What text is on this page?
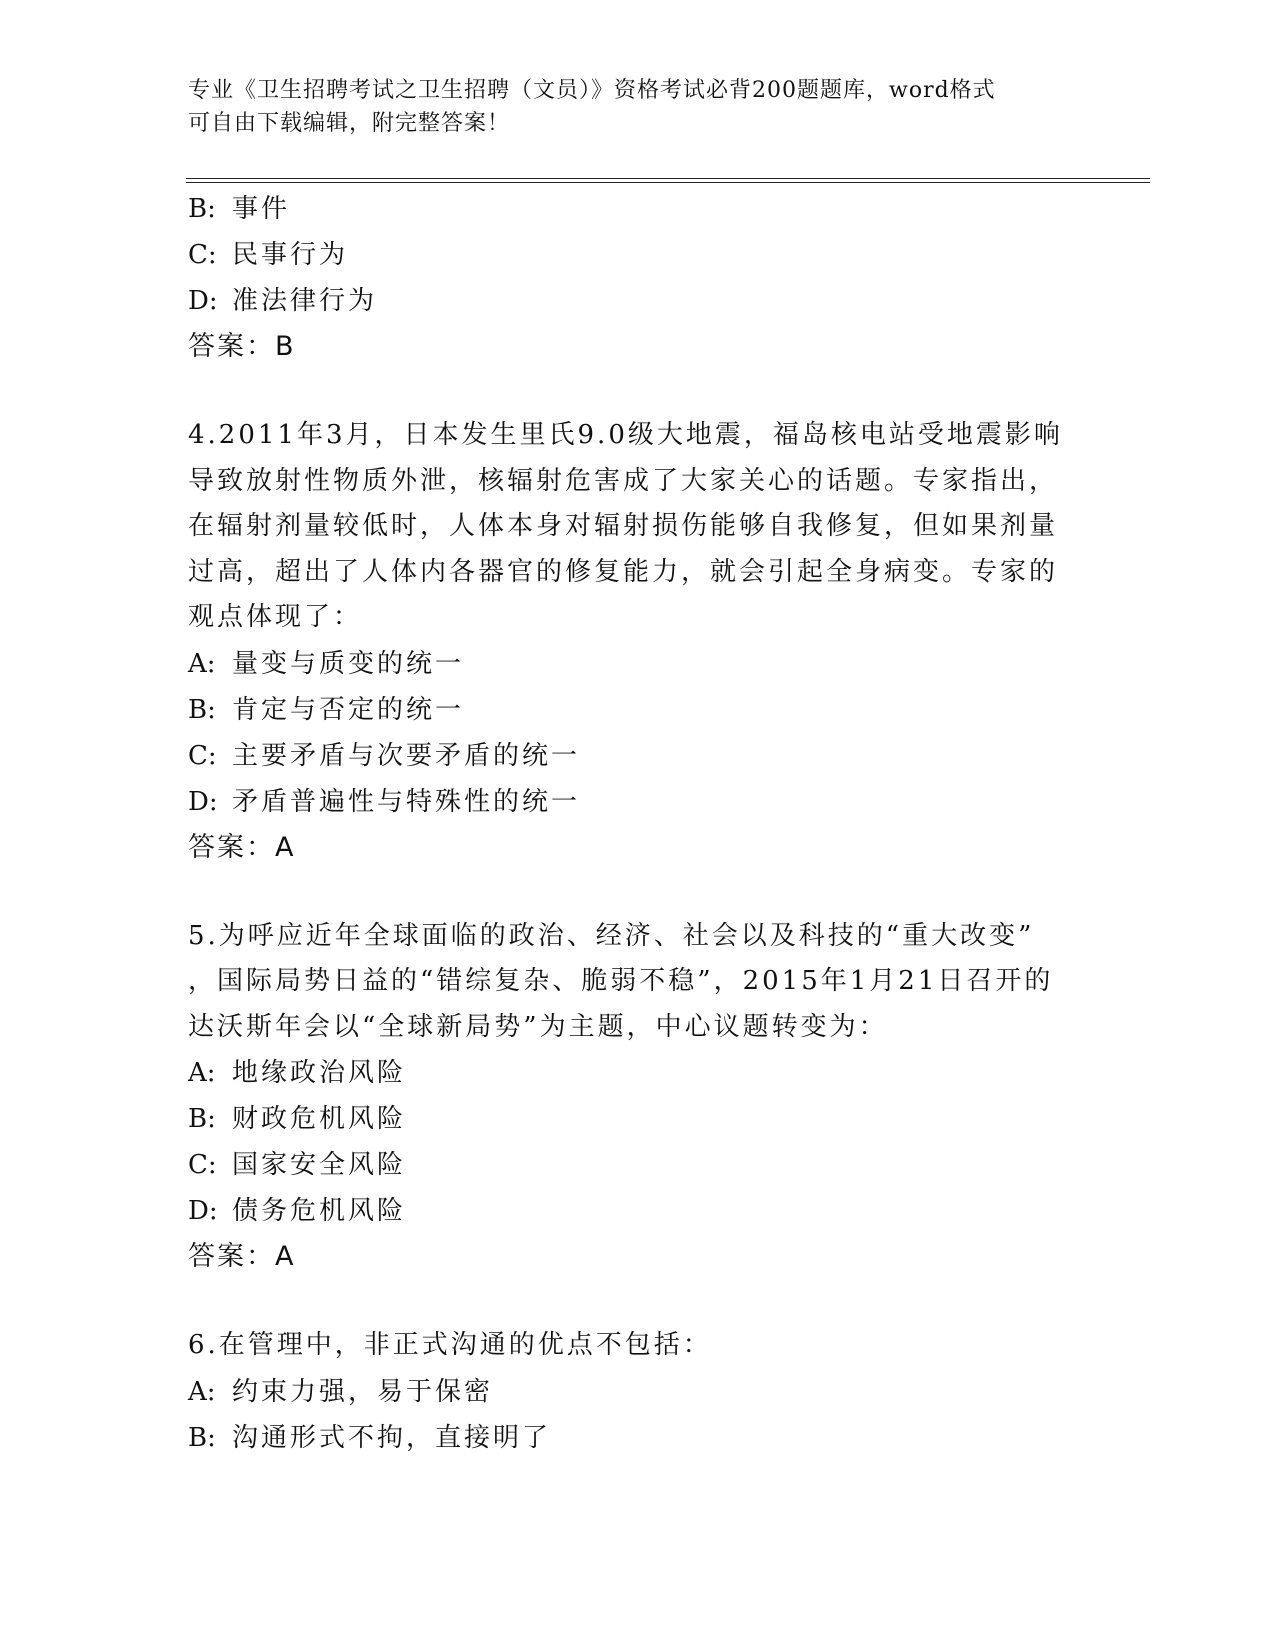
专业《卫生招聘考试之卫生招聘（文员）》资格考试必背200题题库，word格式
可自由下载编辑，附完整答案！
B: 事件
C: 民事行为
D: 准法律行为
答案：B
4.2011年3月，日本发生里氏9.0级大地震，福岛核电站受地震影响
导致放射性物质外泄，核辐射危害成了大家关心的话题。专家指出，
在辐射剂量较低时，人体本身对辐射损伤能够自我修复，但如果剂量
过高，超出了人体内各器官的修复能力，就会引起全身病变。专家的
观点体现了：
A: 量变与质变的统一
B: 肯定与否定的统一
C: 主要矛盾与次要矛盾的统一
D: 矛盾普遍性与特殊性的统一
答案：A
5.为呼应近年全球面临的政治、经济、社会以及科技的“重大改变”
，国际局势日益的“错综复杂、脆弱不稳”，2015年1月21日召开的
达沃斯年会以“全球新局势”为主题，中心议题转变为：
A: 地缘政治风险
B: 财政危机风险
C: 国家安全风险
D: 债务危机风险
答案：A
6.在管理中，非正式沟通的优点不包括：
A: 约束力强，易于保密
B: 沟通形式不拘，直接明了
